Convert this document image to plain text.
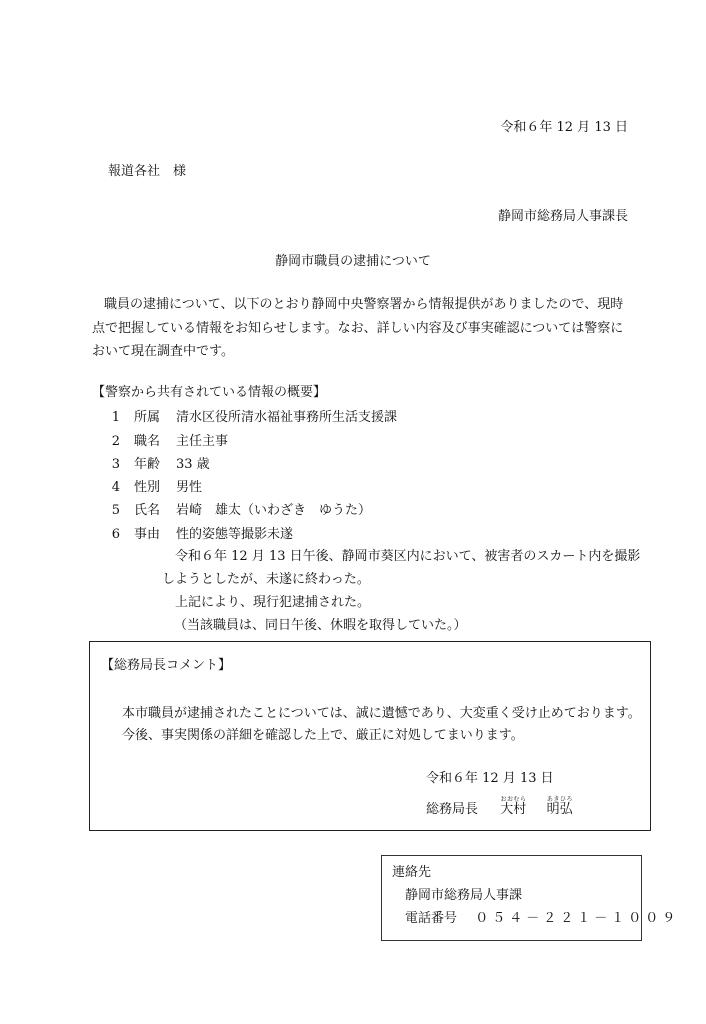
令和６年 12 月 13 日
報道各社　様
静岡市総務局人事課長
静岡市職員の逮捕について
職員の逮捕について、以下のとおり静岡中央警察署から情報提供がありましたので、現時
点で把握している情報をお知らせします。なお、詳しい内容及び事実確認については警察に
おいて現在調査中です。
【警察から共有されている情報の概要】
1 所属 清水区役所清水福祉事務所生活支援課
2 職名 主任主事
3 年齢 33 歳
4 性別 男性
5 氏名 岩崎　雄太（いわざき　ゆうた）
6 事由 性的姿態等撮影未遂
令和６年 12 月 13 日午後、静岡市葵区内において、被害者のスカート内を撮影
しようとしたが、未遂に終わった。
上記により、現行犯逮捕された。
（当該職員は、同日午後、休暇を取得していた。）
【総務局長コメント】
本市職員が逮捕されたことについては、誠に遺憾であり、大変重く受け止めております。
今後、事実関係の詳細を確認した上で、厳正に対処してまいります。
令和６年 12 月 13 日
総務局長 大村おおむら  明弘あきひろ
連絡先
静岡市総務局人事課
電話番号 ０５４－２２１－１００９
